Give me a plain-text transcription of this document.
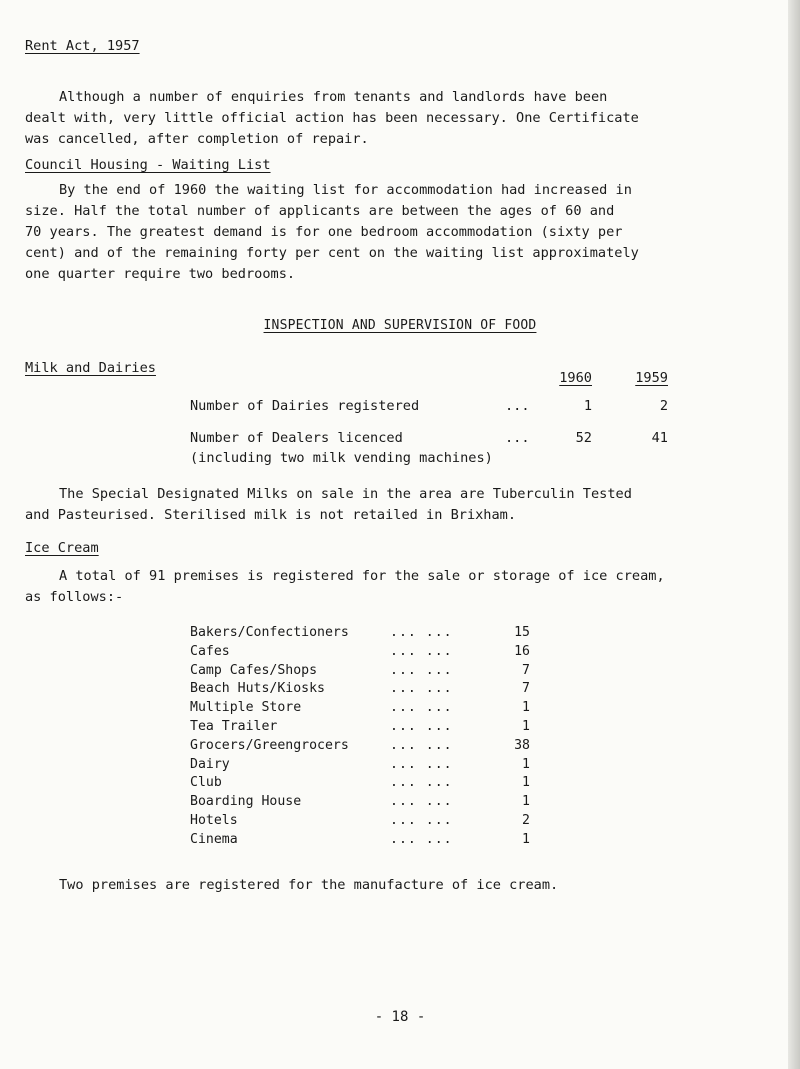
Rent Act, 1957

Although a number of enquiries from tenants and landlords have been

dealt with, very little official action has been necessary. One Certificate

was cancelled, after completion of repair.

Council Housing - Waiting List

By the end of 1960 the waiting list for accommodation had increased in

size. Half the total number of applicants are between the ages of 60 and

70 years. The greatest demand is for one bedroom accommodation (sixty per

cent) and of the remaining forty per cent on the waiting list approximately

one quarter require two bedrooms.

INSPECTION AND SUPERVISION OF FOOD
Milk and Dairies
1960	1959
Number of Dairies registered	...	1	2
Number of Dealers licenced	...	52	41
(including two milk vending machines)

The Special Designated Milks on sale in the area are Tuberculin Tested

and Pasteurised. Sterilised milk is not retailed in Brixham.

Ice Cream

A total of 91 premises is registered for the sale or storage of ice cream,

as follows:-

Bakers/Confectioners	... ...	15
Cafes	... ...	16
Camp Cafes/Shops	... ...	7
Beach Huts/Kiosks	... ...	7
Multiple Store	... ...	1
Tea Trailer	... ...	1
Grocers/Greengrocers	... ...	38
Dairy	... ...	1
Club	... ...	1
Boarding House	... ...	1
Hotels	... ...	2
Cinema	... ...	1

Two premises are registered for the manufacture of ice cream.

- 18 -
